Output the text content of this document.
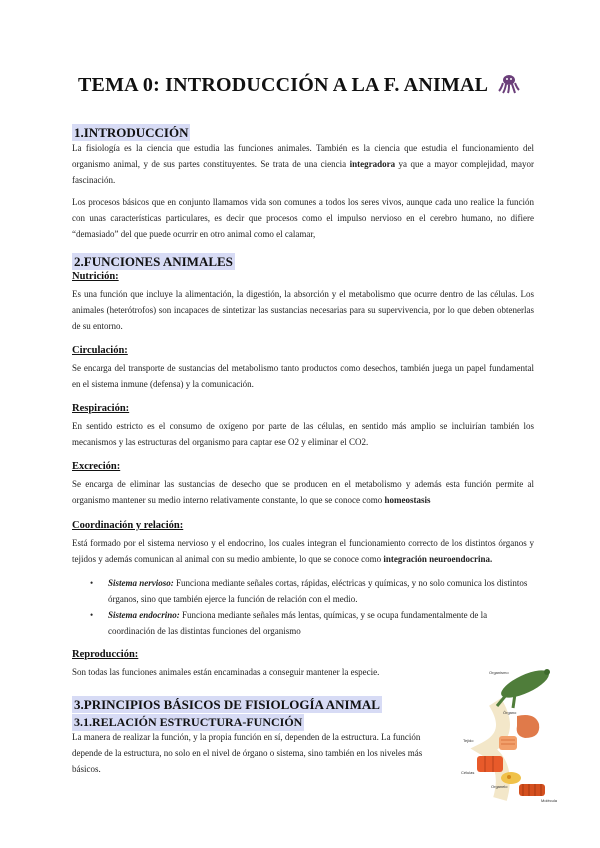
TEMA 0: INTRODUCCIÓN A LA F. ANIMAL
1.INTRODUCCIÓN

La fisiología es la ciencia que estudia las funciones animales. También es la ciencia que estudia el funcionamiento del organismo animal, y de sus partes constituyentes. Se trata de una ciencia integradora ya que a mayor complejidad, mayor fascinación.

Los procesos básicos que en conjunto llamamos vida son comunes a todos los seres vivos, aunque cada uno realice la función con unas características particulares, es decir que procesos como el impulso nervioso en el cerebro humano, no difiere “demasiado” del que puede ocurrir en otro animal como el calamar,

2.FUNCIONES ANIMALES
Nutrición:

Es una función que incluye la alimentación, la digestión, la absorción y el metabolismo que ocurre dentro de las células. Los animales (heterótrofos) son incapaces de sintetizar las sustancias necesarias para su supervivencia, por lo que deben obtenerlas de su entorno.

Circulación:

Se encarga del transporte de sustancias del metabolismo tanto productos como desechos, también juega un papel fundamental en el sistema inmune (defensa) y la comunicación.

Respiración:

En sentido estricto es el consumo de oxígeno por parte de las células, en sentido más amplio se incluirían también los mecanismos y las estructuras del organismo para captar ese O2 y eliminar el CO2.

Excreción:

Se encarga de eliminar las sustancias de desecho que se producen en el metabolismo y además esta función permite al organismo mantener su medio interno relativamente constante, lo que se conoce como homeostasis

Coordinación y relación:

Está formado por el sistema nervioso y el endocrino, los cuales integran el funcionamiento correcto de los distintos órganos y tejidos y además comunican al animal con su medio ambiente, lo que se conoce como integración neuroendocrina.

• Sistema nervioso: Funciona mediante señales cortas, rápidas, eléctricas y químicas, y no solo comunica los distintos órganos, sino que también ejerce la función de relación con el medio.
• Sistema endocrino: Funciona mediante señales más lentas, químicas, y se ocupa fundamentalmente de la coordinación de las distintas funciones del organismo
Reproducción:

Son todas las funciones animales están encaminadas a conseguir mantener la especie.

3.PRINCIPIOS BÁSICOS DE FISIOLOGÍA ANIMAL
3.1.RELACIÓN ESTRUCTURA-FUNCIÓN

La manera de realizar la función, y la propia función en sí, dependen de la estructura. La función depende de la estructura, no solo en el nivel de órgano o sistema, sino también en los niveles más básicos.

Organismo
Órgano
Tejido
Células
Organelo
Molécula
